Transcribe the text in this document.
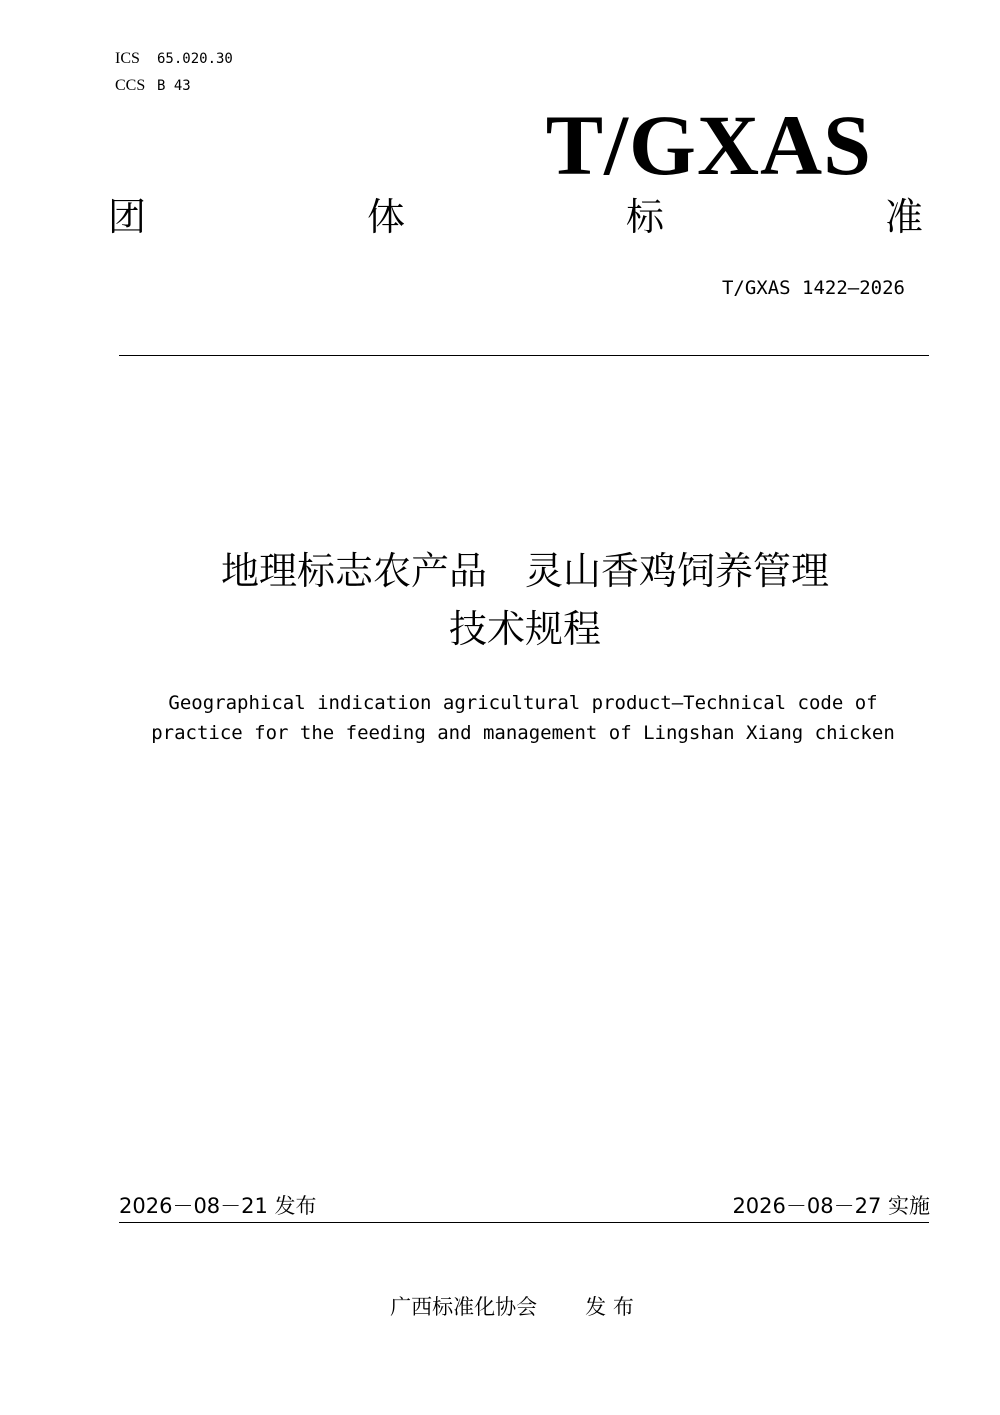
ICS 65.020.30
CCS B 43
T/GXAS
团	体	标	准
T/GXAS 1422—2026
地理标志农产品　灵山香鸡饲养管理
技术规程
Geographical indication agricultural product—Technical code of
practice for the feeding and management of Lingshan Xiang chicken
2026－08－21 发布	2026－08－27 实施
广西标准化协会 发 布
